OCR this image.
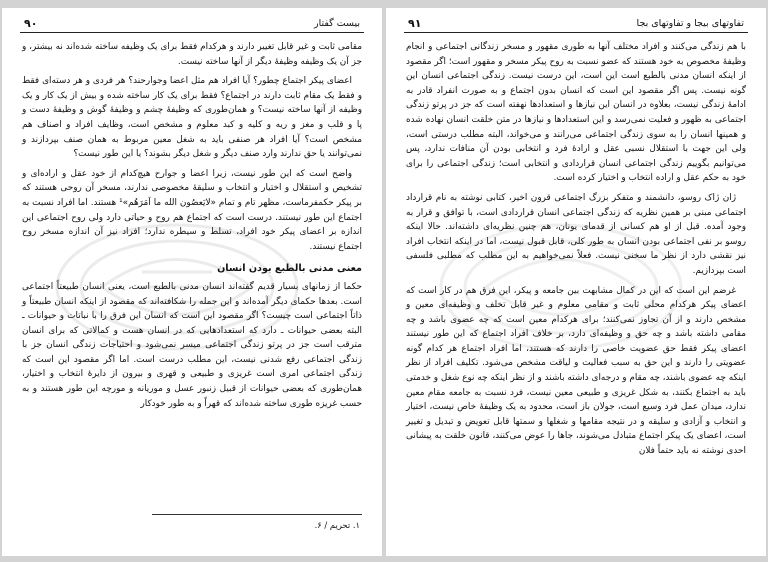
بیست گفتار
۹۰

مقامی ثابت و غیر قابل تغییر دارند و هرکدام فقط برای یک وظیفه ساخته شده‌اند نه بیشتر، و جز آن یک وظیفه وظیفهٔ دیگر از آنها ساخته نیست.

اعضای پیکر اجتماع چطور؟ آیا افراد هم مثل اعضا وجوارحند؟ هر فردی و هر دسته‌ای فقط و فقط یک مقام ثابت دارند در اجتماع؟ فقط برای یک کار ساخته شده و بیش از یک کار و یک وظیفه از آنها ساخته نیست؟ و همان‌طوری که وظیفهٔ چشم و وظیفهٔ گوش و وظیفهٔ دست و پا و قلب و مغز و ریه و کلیه و کبد معلوم و مشخص است، وظایف افراد و اصناف هم مشخص است؟ آیا افراد هر صنفی باید به شغل معین مربوط به همان صنف بپردازند و نمی‌توانند یا حق ندارند وارد صنف دیگر و شغل دیگر بشوند؟ یا این طور نیست؟

واضح است که این طور نیست، زیرا اعضا و جوارح هیچ‌کدام از خود عقل و اراده‌ای و تشخیص و استقلال و اختیار و انتخاب و سلیقهٔ مخصوصی ندارند، مسخر آن روحی هستند که بر پیکر حکمفرماست، مظهر تام و تمام «لایَعصُون الله ما اَمَرَهُم»¹ هستند. اما افراد نسبت به اجتماع این طور نیستند. درست است که اجتماع هم روح و حیاتی دارد ولی روح اجتماعی این اندازه بر اعضای پیکر خود افراد، تسلط و سیطره ندارد؛ افراد نیز آن اندازه مسخر روح اجتماع نیستند.

معنی مدنی بالطبع بودن انسان

حکما از زمانهای بسیار قدیم گفته‌اند انسان مدنی بالطبع است، یعنی انسان طبیعتاً اجتماعی است. بعدها حکمای دیگر آمده‌اند و این جمله را شکافته‌اند که مقصود از اینکه انسان طبیعتاً و ذاتاً اجتماعی است چیست؟ اگر مقصود این است که انسان این فرق را با نباتات و حیوانات ـ البته بعضی حیوانات ـ دارد که استعدادهایی که در انسان هست و کمالاتی که برای انسان مترقب است جز در پرتو زندگی اجتماعی میسر نمی‌شود و احتیاجات زندگی انسان جز با زندگی اجتماعی رفع شدنی نیست، این مطلب درست است. اما اگر مقصود این است که زندگی اجتماعی امری است غریزی و طبیعی و قهری و بیرون از دایرهٔ انتخاب و اختیار، همان‌طوری که بعضی حیوانات از قبیل زنبور عسل و موریانه و مورچه این طور هستند و به حسب غریزه طوری ساخته شده‌اند که قهراً و به طور خودکار

۱. تحریم / ۶.
تفاوتهای بیجا و تفاوتهای بجا
۹۱

با هم زندگی می‌کنند و افراد مختلف آنها به طوری مقهور و مسخر زندگانی اجتماعی و انجام وظیفهٔ مخصوص به خود هستند که عضو نسبت به روح پیکر مسخر و مقهور است؛ اگر مقصود از اینکه انسان مدنی بالطبع است این است، این درست نیست. زندگی اجتماعی انسان این گونه نیست. پس اگر مقصود این است که انسان بدون اجتماع و به صورت انفراد قادر به ادامهٔ زندگی نیست، بعلاوه در انسان این نیازها و استعدادها نهفته است که جز در پرتو زندگی اجتماعی به ظهور و فعلیت نمی‌رسد و این استعدادها و نیازها در متن خلقت انسان نهاده شده و همینها انسان را به سوی زندگی اجتماعی می‌رانند و می‌خواند، البته مطلب درستی است، ولی این جهت با استقلال نسبی عقل و ارادهٔ فرد و انتخابی بودن آن منافات ندارد، پس می‌توانیم بگوییم زندگی اجتماعی انسان قراردادی و انتخابی است؛ زندگی اجتماعی را برای خود به حکم عقل و اراده انتخاب و اختیار کرده است.

ژان ژاک روسو، دانشمند و متفکر بزرگ اجتماعی قرون اخیر، کتابی نوشته به نام قرارداد اجتماعی مبنی بر همین نظریه که زندگی اجتماعی انسان قراردادی است، با توافق و قرار به وجود آمده. قبل از او هم کسانی از قدمای یونان، هم چنین نظریه‌ای داشته‌اند. حالا اینکه روسو بر نفی اجتماعی بودن انسان به طور کلی، قابل قبول نیست، اما در اینکه انتخاب افراد نیز نقشی دارد از نظر ما سخنی نیست. فعلاً نمی‌خواهیم به این مطلب که مطلبی فلسفی است بپردازیم.

غرضم این است که این در کمال مشابهت بین جامعه و پیکر، این فرق هم در کار است که اعضای پیکر هرکدام محلی ثابت و مقامی معلوم و غیر قابل تخلف و وظیفه‌ای معین و مشخص دارند و از آن تجاوز نمی‌کنند؛ برای هرکدام معین است که چه عضوی باشد و چه مقامی داشته باشد و چه حق و وظیفه‌ای دارد، بر خلاف افراد اجتماع که این طور نیستند اعضای پیکر فقط حق عضویت خاصی را دارند که هستند، اما افراد اجتماع هر کدام گونه عضویتی را دارند و این حق به سبب فعالیت و لیاقت مشخص می‌شود. تکلیف افراد از نظر اینکه چه عضوی باشند، چه مقام و درجه‌ای داشته باشند و از نظر اینکه چه نوع شغل و خدمتی باید به اجتماع بکنند، به شکل غریزی و طبیعی معین نیست، فرد نسبت به جامعه مقام معین ندارد، میدان عمل فرد وسیع است، جولان باز است، محدود به یک وظیفهٔ خاص نیست، اختیار و انتخاب و آزادی و سلیقه و در نتیجه مقامها و شغلها و سمتها قابل تعویض و تبدیل و تغییر است، اعضای یک پیکر اجتماع متبادل می‌شوند، جاها را عوض می‌کنند، قانون خلقت به پیشانی احدی نوشته نه باید حتماً فلان
